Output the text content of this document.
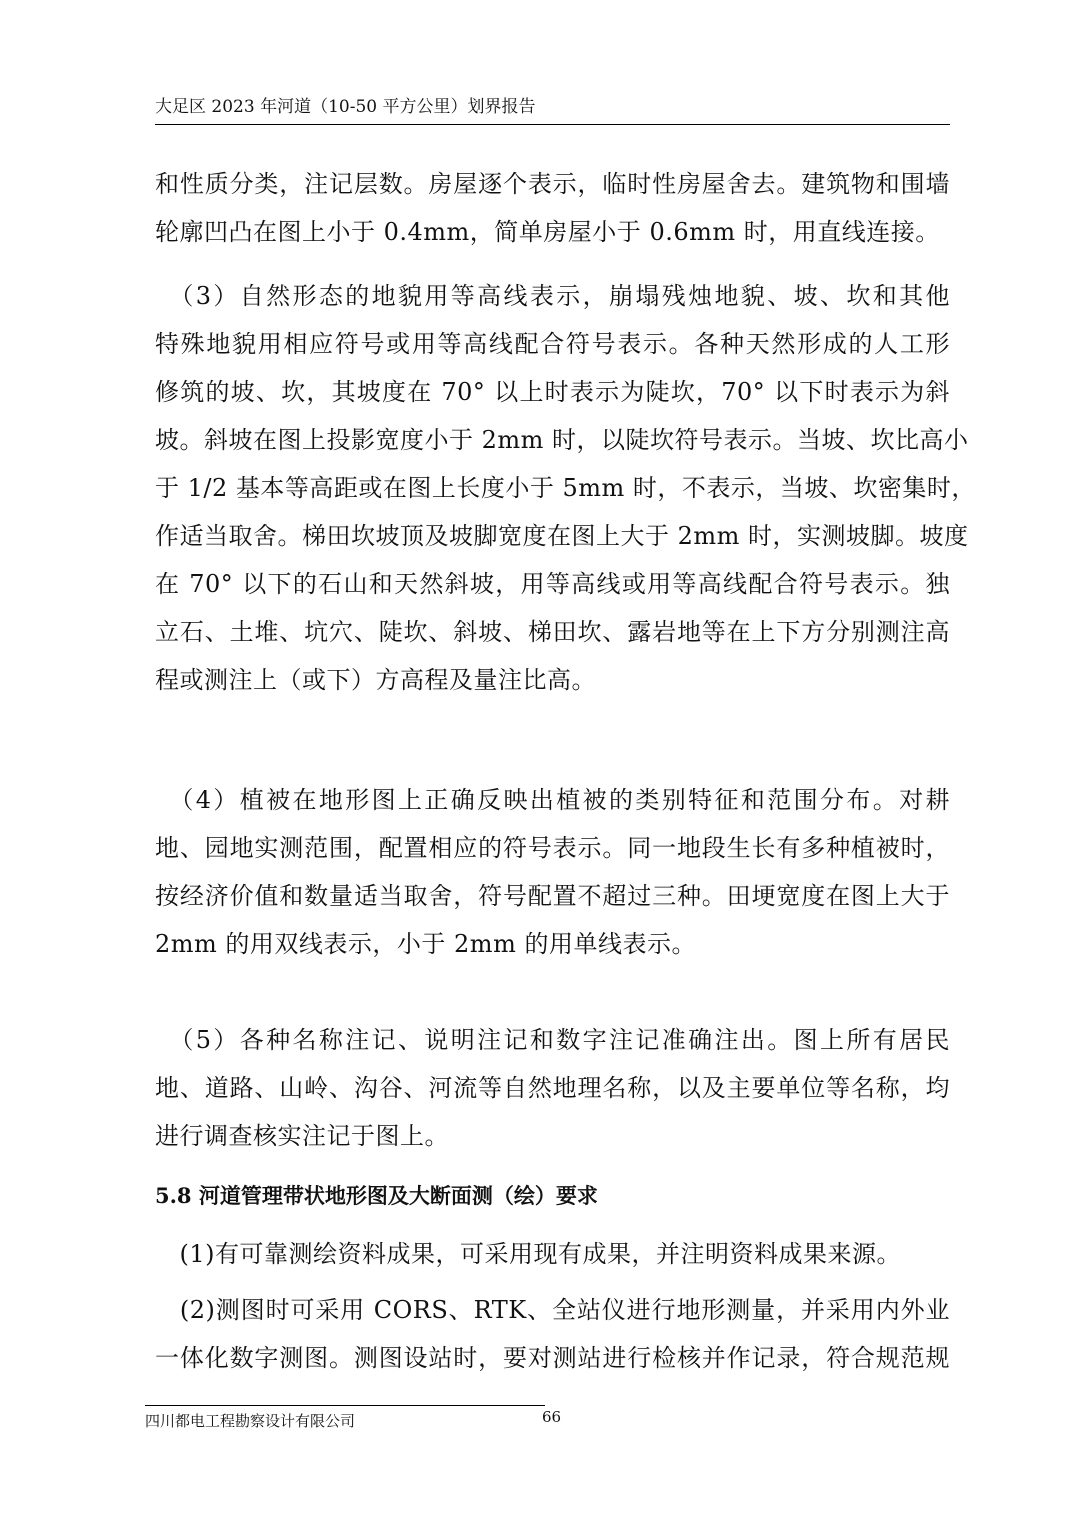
大足区 2023 年河道（10-50 平方公里）划界报告
和性质分类，注记层数。房屋逐个表示，临时性房屋舍去。建筑物和围墙
轮廓凹凸在图上小于 0.4mm，简单房屋小于 0.6mm 时，用直线连接。
　（3）自然形态的地貌用等高线表示，崩塌残烛地貌、坡、坎和其他
特殊地貌用相应符号或用等高线配合符号表示。各种天然形成的人工形
修筑的坡、坎，其坡度在 70° 以上时表示为陡坎，70° 以下时表示为斜
坡。斜坡在图上投影宽度小于 2mm 时，以陡坎符号表示。当坡、坎比高小
于 1/2 基本等高距或在图上长度小于 5mm 时，不表示，当坡、坎密集时，
作适当取舍。梯田坎坡顶及坡脚宽度在图上大于 2mm 时，实测坡脚。坡度
在 70° 以下的石山和天然斜坡，用等高线或用等高线配合符号表示。独
立石、土堆、坑穴、陡坎、斜坡、梯田坎、露岩地等在上下方分别测注高
程或测注上（或下）方高程及量注比高。
　（4）植被在地形图上正确反映出植被的类别特征和范围分布。对耕
地、园地实测范围，配置相应的符号表示。同一地段生长有多种植被时，
按经济价值和数量适当取舍，符号配置不超过三种。田埂宽度在图上大于
2mm 的用双线表示，小于 2mm 的用单线表示。
　（5）各种名称注记、说明注记和数字注记准确注出。图上所有居民
地、道路、山岭、沟谷、河流等自然地理名称，以及主要单位等名称，均
进行调查核实注记于图上。
5.8 河道管理带状地形图及大断面测（绘）要求
　(1)有可靠测绘资料成果，可采用现有成果，并注明资料成果来源。
　(2)测图时可采用 CORS、RTK、全站仪进行地形测量，并采用内外业
一体化数字测图。测图设站时，要对测站进行检核并作记录，符合规范规
四川都电工程勘察设计有限公司	66
